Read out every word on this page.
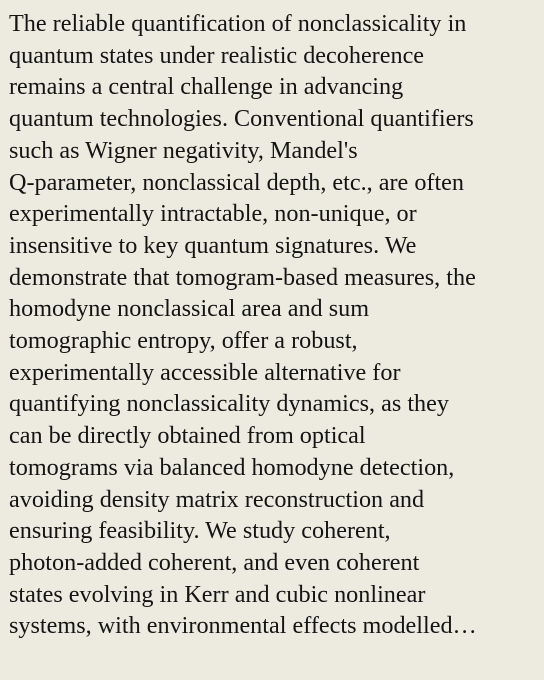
The reliable quantification of nonclassicality in
quantum states under realistic decoherence
remains a central challenge in advancing
quantum technologies. Conventional quantifiers
such as Wigner negativity, Mandel's
Q-parameter, nonclassical depth, etc., are often
experimentally intractable, non-unique, or
insensitive to key quantum signatures. We
demonstrate that tomogram-based measures, the
homodyne nonclassical area and sum
tomographic entropy, offer a robust,
experimentally accessible alternative for
quantifying nonclassicality dynamics, as they
can be directly obtained from optical
tomograms via balanced homodyne detection,
avoiding density matrix reconstruction and
ensuring feasibility. We study coherent,
photon-added coherent, and even coherent
states evolving in Kerr and cubic nonlinear
systems, with environmental effects modelled…
